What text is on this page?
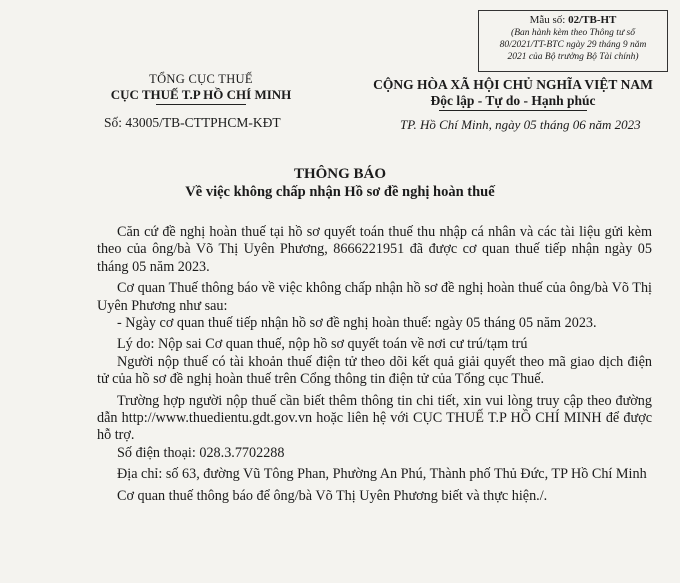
Mẫu số: 02/TB-HT
(Ban hành kèm theo Thông tư số
80/2021/TT-BTC ngày 29 tháng 9 năm
2021 của Bộ trưởng Bộ Tài chính)
TỔNG CỤC THUẾ
CỤC THUẾ T.P HỒ CHÍ MINH
Số: 43005/TB-CTTPHCM-KĐT
CỘNG HÒA XÃ HỘI CHỦ NGHĨA VIỆT NAM
Độc lập - Tự do - Hạnh phúc
TP. Hồ Chí Minh, ngày 05 tháng 06 năm 2023
THÔNG BÁO
Về việc không chấp nhận Hồ sơ đề nghị hoàn thuế

Căn cứ đề nghị hoàn thuế tại hồ sơ quyết toán thuế thu nhập cá nhân và các tài liệu gửi kèm theo của ông/bà Võ Thị Uyên Phương, 8666221951 đã được cơ quan thuế tiếp nhận ngày 05 tháng 05 năm 2023.

Cơ quan Thuế thông báo về việc không chấp nhận hồ sơ đề nghị hoàn thuế của ông/bà Võ Thị Uyên Phương như sau:

- Ngày cơ quan thuế tiếp nhận hồ sơ đề nghị hoàn thuế: ngày 05 tháng 05 năm 2023.

Lý do: Nộp sai Cơ quan thuế, nộp hồ sơ quyết toán về nơi cư trú/tạm trú

Người nộp thuế có tài khoản thuế điện tử theo dõi kết quả giải quyết theo mã giao dịch điện tử của hồ sơ đề nghị hoàn thuế trên Cổng thông tin điện tử của Tổng cục Thuế.

Trường hợp người nộp thuế cần biết thêm thông tin chi tiết, xin vui lòng truy cập theo đường dẫn http://www.thuedientu.gdt.gov.vn hoặc liên hệ với CỤC THUẾ T.P HỒ CHÍ MINH để được hỗ trợ.

Số điện thoại: 028.3.7702288

Địa chỉ: số 63, đường Vũ Tông Phan, Phường An Phú, Thành phố Thủ Đức, TP Hồ Chí Minh

Cơ quan thuế thông báo để ông/bà Võ Thị Uyên Phương biết và thực hiện./.
